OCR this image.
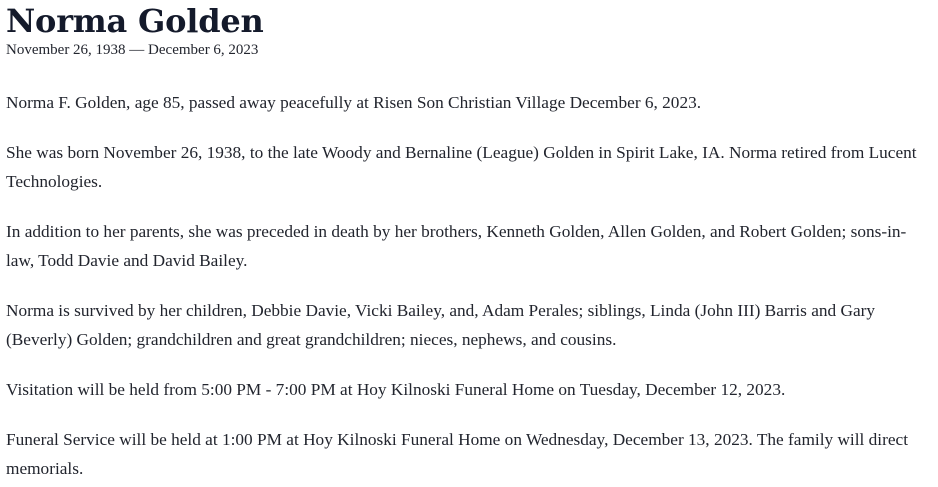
Norma Golden
November 26, 1938 — December 6, 2023

Norma F. Golden, age 85, passed away peacefully at Risen Son Christian Village December 6, 2023.

She was born November 26, 1938, to the late Woody and Bernaline (League) Golden in Spirit Lake, IA. Norma retired from Lucent Technologies.

In addition to her parents, she was preceded in death by her brothers, Kenneth Golden, Allen Golden, and Robert Golden; sons-in-law, Todd Davie and David Bailey.

Norma is survived by her children, Debbie Davie, Vicki Bailey, and, Adam Perales; siblings, Linda (John III) Barris and Gary (Beverly) Golden; grandchildren and great grandchildren; nieces, nephews, and cousins.

Visitation will be held from 5:00 PM - 7:00 PM at Hoy Kilnoski Funeral Home on Tuesday, December 12, 2023.

Funeral Service will be held at 1:00 PM at Hoy Kilnoski Funeral Home on Wednesday, December 13, 2023. The family will direct memorials.
